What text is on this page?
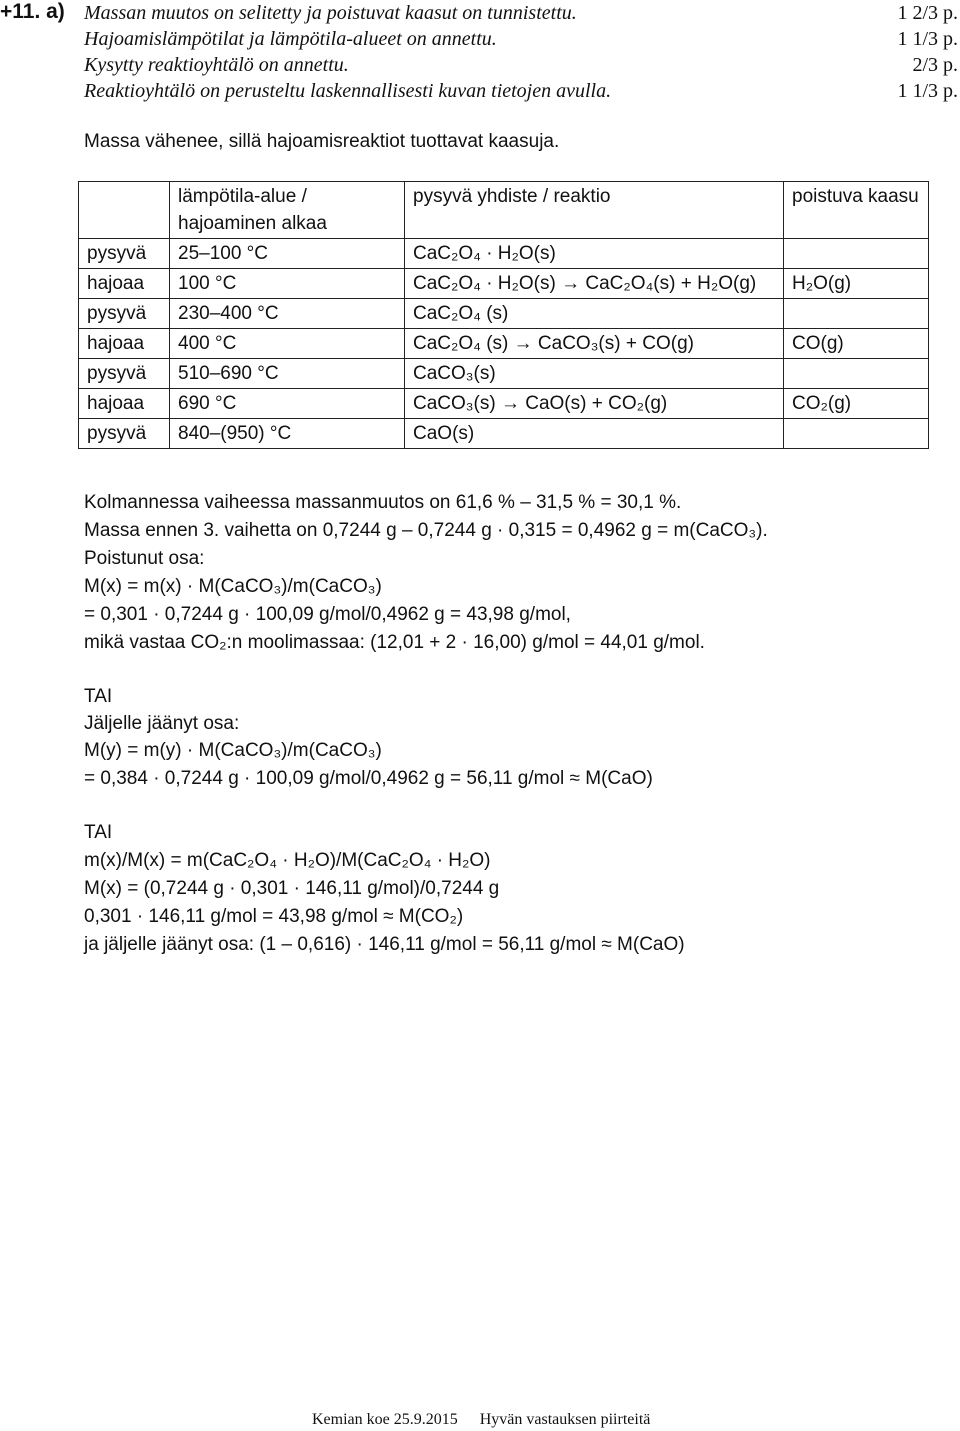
+11. a) Massan muutos on selitetty ja poistuvat kaasut on tunnistettu.	1 2/3 p.
Hajoamislämpötilat ja lämpötila-alueet on annettu.	1 1/3 p.
Kysytty reaktioyhtälö on annettu.	2/3 p.
Reaktioyhtälö on perusteltu laskennallisesti kuvan tietojen avulla.	1 1/3 p.
Massa vähenee, sillä hajoamisreaktiot tuottavat kaasuja.
	lämpötila-alue / hajoaminen alkaa	pysyvä yhdiste / reaktio	poistuva kaasu
pysyvä	25–100 °C	CaC₂O₄ · H₂O(s)	
hajoaa	100 °C	CaC₂O₄ · H₂O(s) → CaC₂O₄(s) + H₂O(g)	H₂O(g)
pysyvä	230–400 °C	CaC₂O₄ (s)	
hajoaa	400 °C	CaC₂O₄ (s) → CaCO₃(s) + CO(g)	CO(g)
pysyvä	510–690 °C	CaCO₃(s)	
hajoaa	690 °C	CaCO₃(s) → CaO(s) + CO₂(g)	CO₂(g)
pysyvä	840–(950) °C	CaO(s)	
Kolmannessa vaiheessa massanmuutos on 61,6 % – 31,5 % = 30,1 %.
Massa ennen 3. vaihetta on 0,7244 g – 0,7244 g · 0,315 = 0,4962 g = m(CaCO₃).
Poistunut osa:
M(x) = m(x) · M(CaCO₃)/m(CaCO₃)
= 0,301 · 0,7244 g · 100,09 g/mol/0,4962 g = 43,98 g/mol,
mikä vastaa CO₂:n moolimassaa: (12,01 + 2 · 16,00) g/mol = 44,01 g/mol.
TAI
Jäljelle jäänyt osa:
M(y) = m(y) · M(CaCO₃)/m(CaCO₃)
= 0,384 · 0,7244 g · 100,09 g/mol/0,4962 g = 56,11 g/mol ≈ M(CaO)
TAI
m(x)/M(x) = m(CaC₂O₄ · H₂O)/M(CaC₂O₄ · H₂O)
M(x) = (0,7244 g · 0,301 · 146,11 g/mol)/0,7244 g
0,301 · 146,11 g/mol = 43,98 g/mol ≈ M(CO₂)
ja jäljelle jäänyt osa: (1 – 0,616) · 146,11 g/mol = 56,11 g/mol ≈ M(CaO)
Kemian koe 25.9.2015 Hyvän vastauksen piirteitä
